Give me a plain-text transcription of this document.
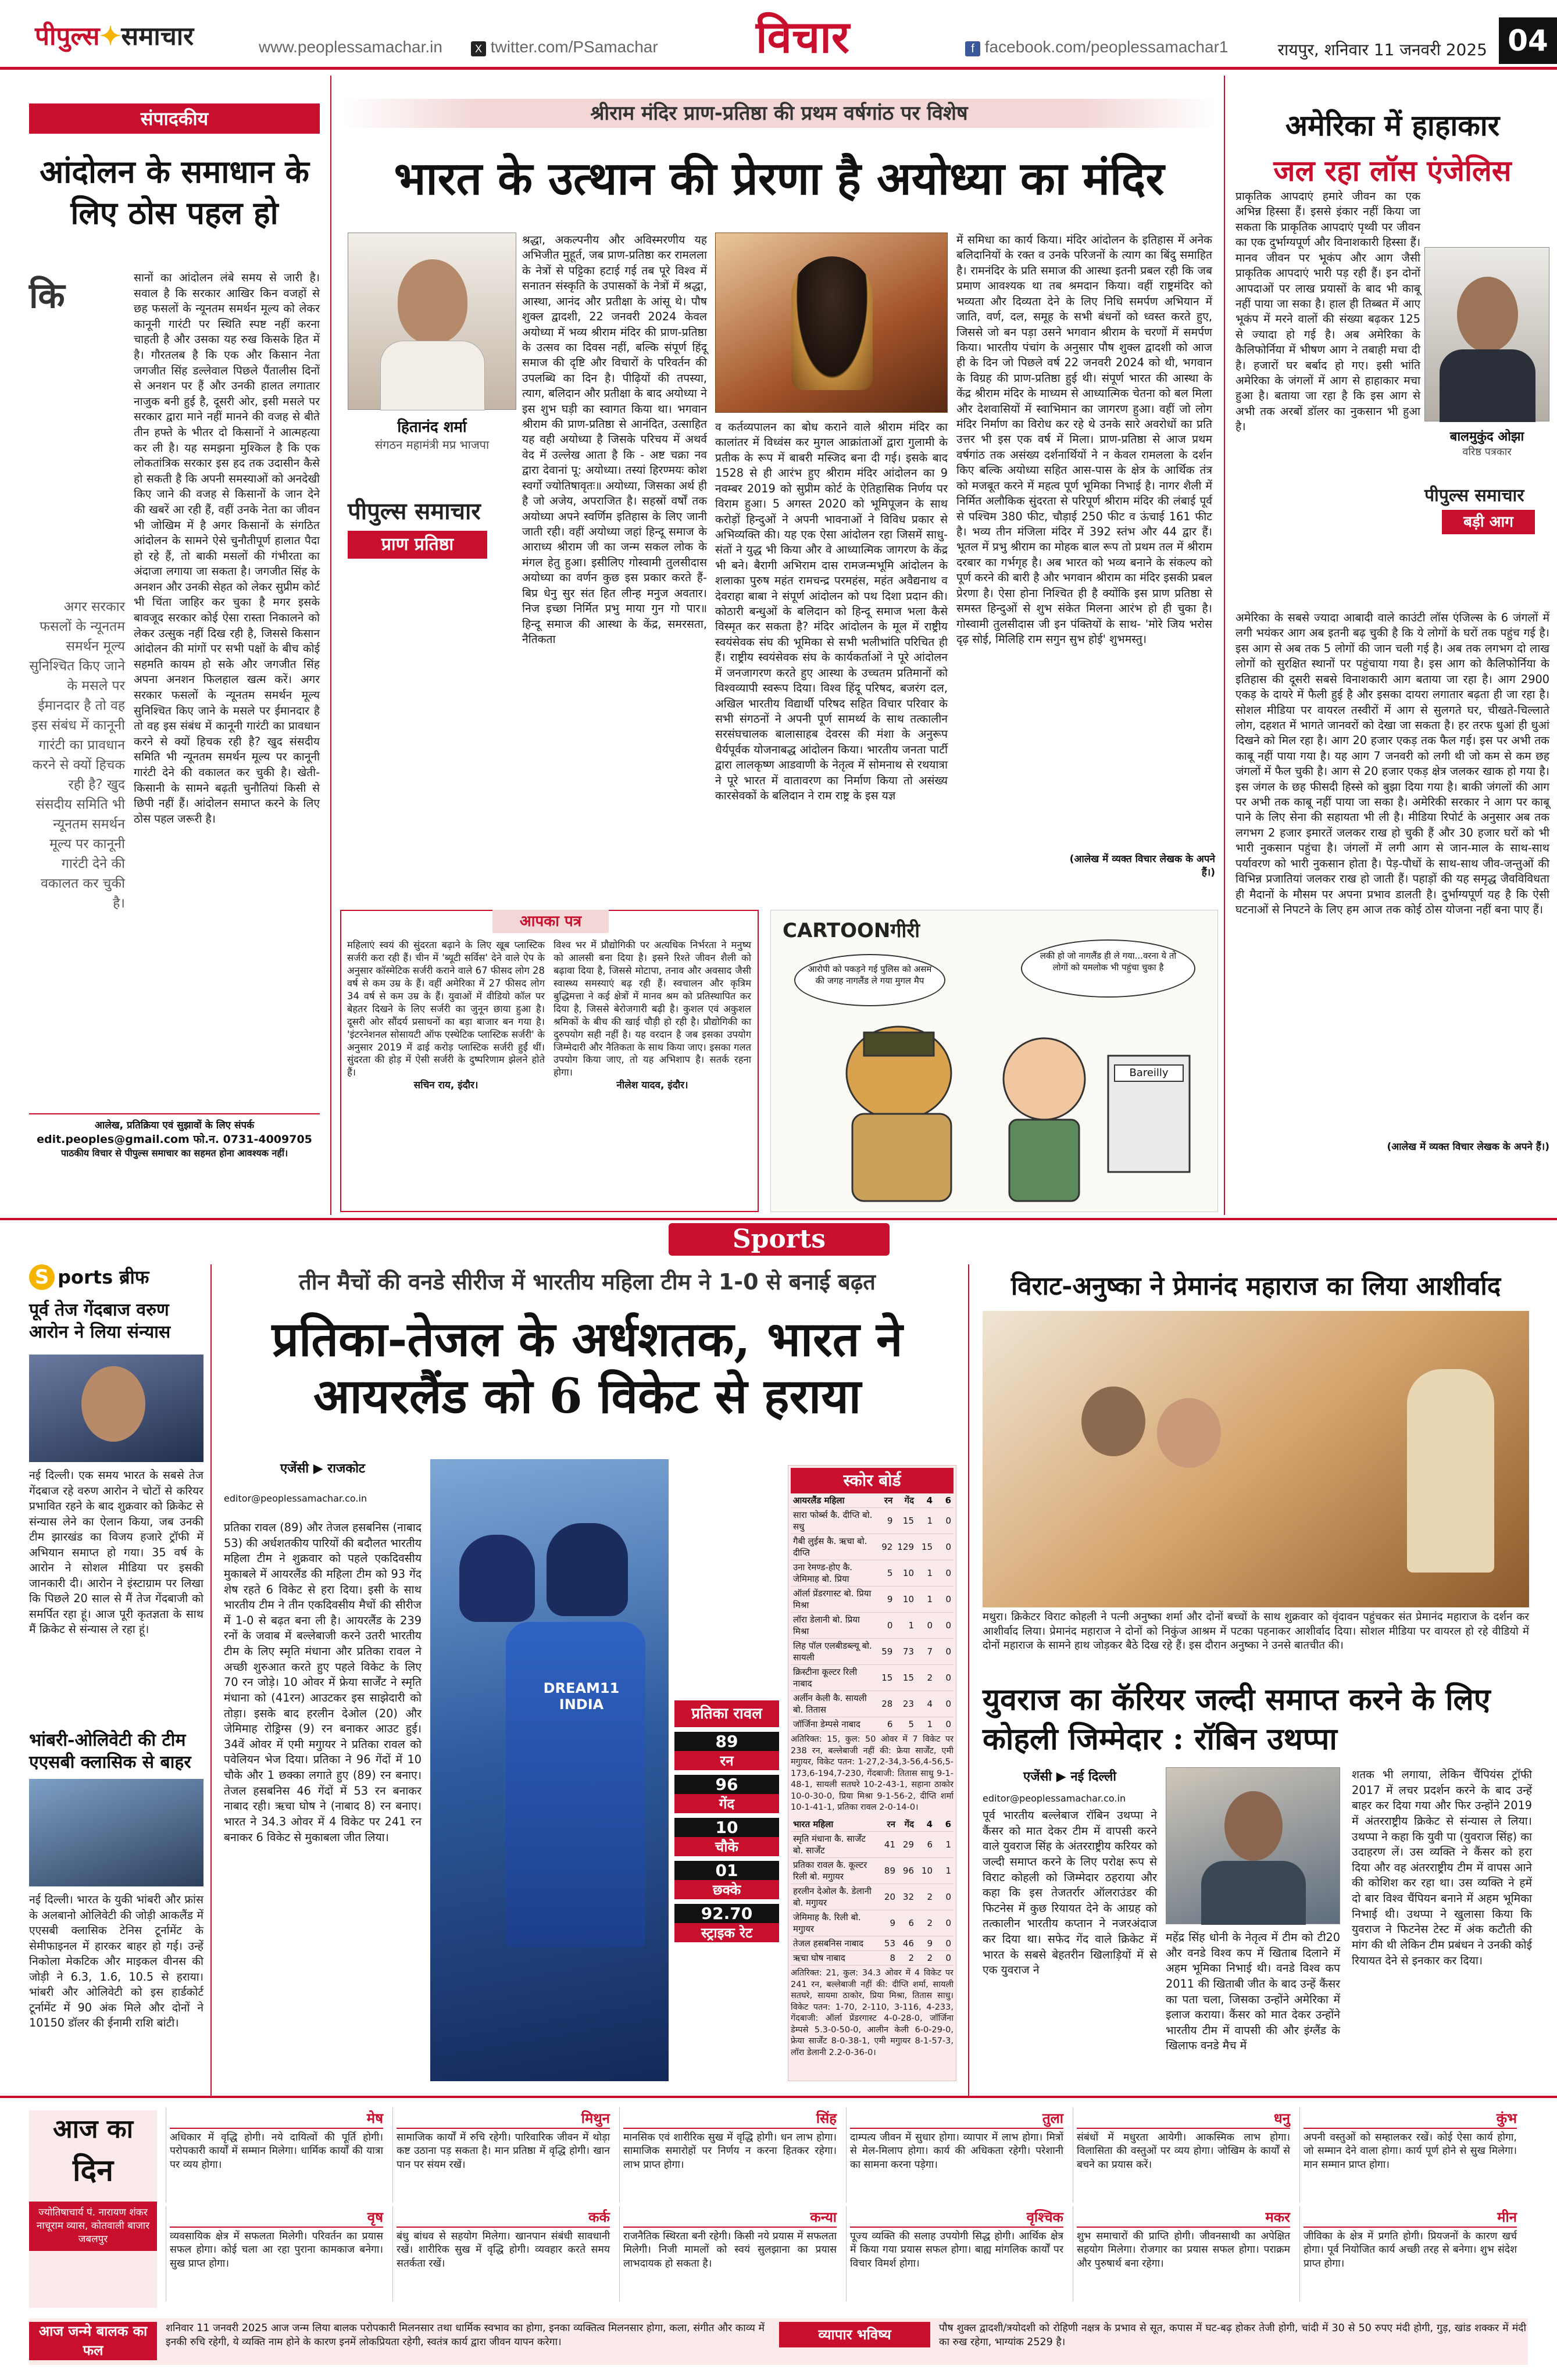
पीपुल्स✦समाचार	www.peoplessamachar.in	X twitter.com/PSamachar विचार	f facebook.com/peoplessamachar1	रायपुर, शनिवार 11 जनवरी 2025 04
संपादकीय
आंदोलन के समाधान के लिए ठोस पहल हो
कि
अगर सरकार फसलों के न्यूनतम समर्थन मूल्य सुनिश्चित किए जाने के मसले पर ईमानदार है तो वह इस संबंध में कानूनी गारंटी का प्रावधान करने से क्यों हिचक रही है? खुद संसदीय समिति भी न्यूनतम समर्थन मूल्य पर कानूनी गारंटी देने की वकालत कर चुकी है।
सानों का आंदोलन लंबे समय से जारी है। सवाल है कि सरकार आखिर किन वजहों से छह फसलों के न्यूनतम समर्थन मूल्य को लेकर कानूनी गारंटी पर स्थिति स्पष्ट नहीं करना चाहती है और उसका यह रुख किसके हित में है। गौरतलब है कि एक और किसान नेता जगजीत सिंह डल्लेवाल पिछले पैंतालीस दिनों से अनशन पर हैं और उनकी हालत लगातार नाजुक बनी हुई है, दूसरी ओर, इसी मसले पर सरकार द्वारा माने नहीं मानने की वजह से बीते तीन हफ्ते के भीतर दो किसानों ने आत्महत्या कर ली है। यह समझना मुश्किल है कि एक लोकतांत्रिक सरकार इस हद तक उदासीन कैसे हो सकती है कि अपनी समस्याओं को अनदेखी किए जाने की वजह से किसानों के जान देने की खबरें आ रही हैं, वहीं उनके नेता का जीवन भी जोखिम में है अगर किसानों के संगठित आंदोलन के सामने ऐसे चुनौतीपूर्ण हालात पैदा हो रहे हैं, तो बाकी मसलों की गंभीरता का अंदाजा लगाया जा सकता है। जगजीत सिंह के अनशन और उनकी सेहत को लेकर सुप्रीम कोर्ट भी चिंता जाहिर कर चुका है मगर इसके बावजूद सरकार कोई ऐसा रास्ता निकालने को लेकर उत्सुक नहीं दिख रही है, जिससे किसान आंदोलन की मांगों पर सभी पक्षों के बीच कोई सहमति कायम हो सके और जगजीत सिंह अपना अनशन फिलहाल खत्म करें। अगर सरकार फसलों के न्यूनतम समर्थन मूल्य सुनिश्चित किए जाने के मसले पर ईमानदार है तो वह इस संबंध में कानूनी गारंटी का प्रावधान करने से क्यों हिचक रही है? खुद संसदीय समिति भी न्यूनतम समर्थन मूल्य पर कानूनी गारंटी देने की वकालत कर चुकी है। खेती-किसानी के सामने बढ़ती चुनौतियां किसी से छिपी नहीं हैं। आंदोलन समाप्त करने के लिए ठोस पहल जरूरी है।
आलेख, प्रतिक्रिया एवं सुझावों के लिए संपर्क
edit.peoples@gmail.com फो.न. 0731-4009705
पाठकीय विचार से पीपुल्स समाचार का सहमत होना आवश्यक नहीं।
श्रीराम मंदिर प्राण-प्रतिष्ठा की प्रथम वर्षगांठ पर विशेष
भारत के उत्थान की प्रेरणा है अयोध्या का मंदिर
हितानंद शर्मा
संगठन महामंत्री मप्र भाजपा
पीपुल्स समाचार
प्राण प्रतिष्ठा
श्रद्धा, अकल्पनीय और अविस्मरणीय यह अभिजीत मुहूर्त, जब प्राण-प्रतिष्ठा कर रामलला के नेत्रों से पट्टिका हटाई गई तब पूरे विश्व में सनातन संस्कृति के उपासकों के नेत्रों में श्रद्धा, आस्था, आनंद और प्रतीक्षा के आंसू थे। पौष शुक्ल द्वादशी, 22 जनवरी 2024 केवल अयोध्या में भव्य श्रीराम मंदिर की प्राण-प्रतिष्ठा के उत्सव का दिवस नहीं, बल्कि संपूर्ण हिंदू समाज की दृष्टि और विचारों के परिवर्तन की उपलब्धि का दिन है। पीढ़ियों की तपस्या, त्याग, बलिदान और प्रतीक्षा के बाद अयोध्या ने इस शुभ घड़ी का स्वागत किया था। भगवान श्रीराम की प्राण-प्रतिष्ठा से आनंदित, उत्साहित यह वही अयोध्या है जिसके परिचय में अथर्व वेद में उल्लेख आता है कि - अष्ट चक्रा नव द्वारा देवानां पू: अयोध्या। तस्यां हिरण्मयः कोश स्वर्गो ज्योतिषावृतः॥ अयोध्या, जिसका अर्थ ही है जो अजेय, अपराजित है। सहस्रों वर्षों तक अयोध्या अपने स्वर्णिम इतिहास के लिए जानी जाती रही। वहीं अयोध्या जहां हिन्दू समाज के आराध्य श्रीराम जी का जन्म सकल लोक के मंगल हेतु हुआ। इसीलिए गोस्वामी तुलसीदास अयोध्या का वर्णन कुछ इस प्रकार करते हैं- बिप्र धेनु सुर संत हित लीन्ह मनुज अवतार। निज इच्छा निर्मित प्रभु माया गुन गो पार॥ हिन्दू समाज की आस्था के केंद्र, समरसता, नैतिकता
व कर्तव्यपालन का बोध कराने वाले श्रीराम मंदिर का कालांतर में विध्वंस कर मुगल आक्रांताओं द्वारा गुलामी के प्रतीक के रूप में बाबरी मस्जिद बना दी गई। इसके बाद 1528 से ही आरंभ हुए श्रीराम मंदिर आंदोलन का 9 नवम्बर 2019 को सुप्रीम कोर्ट के ऐतिहासिक निर्णय पर विराम हुआ। 5 अगस्त 2020 को भूमिपूजन के साथ करोड़ों हिन्दुओं ने अपनी भावनाओं ने विविध प्रकार से अभिव्यक्ति की। यह एक ऐसा आंदोलन रहा जिसमें साधु-संतों ने युद्ध भी किया और वे आध्यात्मिक जागरण के केंद्र भी बने। बैरागी अभिराम दास रामजन्मभूमि आंदोलन के शलाका पुरुष महंत रामचन्द्र परमहंस, महंत अवैद्यनाथ व देवराहा बाबा ने संपूर्ण आंदोलन को पथ दिशा प्रदान की। कोठारी बन्धुओं के बलिदान को हिन्दू समाज भला कैसे विस्मृत कर सकता है? मंदिर आंदोलन के मूल में राष्ट्रीय स्वयंसेवक संघ की भूमिका से सभी भलीभांति परिचित ही हैं। राष्ट्रीय स्वयंसेवक संघ के कार्यकर्ताओं ने पूरे आंदोलन में जनजागरण करते हुए आस्था के उच्चतम प्रतिमानों को विश्वव्यापी स्वरूप दिया। विश्व हिंदू परिषद, बजरंग दल, अखिल भारतीय विद्यार्थी परिषद सहित विचार परिवार के सभी संगठनों ने अपनी पूर्ण सामर्थ्य के साथ तत्कालीन सरसंघचालक बालासाहब देवरस की मंशा के अनुरूप धैर्यपूर्वक योजनाबद्ध आंदोलन किया। भारतीय जनता पार्टी द्वारा लालकृष्ण आडवाणी के नेतृत्व में सोमनाथ से रथयात्रा ने पूरे भारत में वातावरण का निर्माण किया तो असंख्य कारसेवकों के बलिदान ने राम राष्ट्र के इस यज्ञ
में समिधा का कार्य किया। मंदिर आंदोलन के इतिहास में अनेक बलिदानियों के रक्त व उनके परिजनों के त्याग का बिंदु समाहित है। रामनंदिर के प्रति समाज की आस्था इतनी प्रबल रही कि जब प्रमाण आवश्यक था तब श्रमदान किया। वहीं राष्ट्रमंदिर को भव्यता और दिव्यता देने के लिए निधि समर्पण अभियान में जाति, वर्ण, दल, समूह के सभी बंधनों को ध्वस्त करते हुए, जिससे जो बन पड़ा उसने भगवान श्रीराम के चरणों में समर्पण किया। भारतीय पंचांग के अनुसार पौष शुक्ल द्वादशी को आज ही के दिन जो पिछले वर्ष 22 जनवरी 2024 को थी, भगवान के विग्रह की प्राण-प्रतिष्ठा हुई थी। संपूर्ण भारत की आस्था के केंद्र श्रीराम मंदिर के माध्यम से आध्यात्मिक चेतना को बल मिला और देशवासियों में स्वाभिमान का जागरण हुआ। वहीं जो लोग मंदिर निर्माण का विरोध कर रहे थे उनके सारे अवरोधों का प्रति उत्तर भी इस एक वर्ष में मिला। प्राण-प्रतिष्ठा से आज प्रथम वर्षगांठ तक असंख्य दर्शनार्थियों ने न केवल रामलला के दर्शन किए बल्कि अयोध्या सहित आस-पास के क्षेत्र के आर्थिक तंत्र को मजबूत करने में महत्व पूर्ण भूमिका निभाई है। नागर शैली में निर्मित अलौकिक सुंदरता से परिपूर्ण श्रीराम मंदिर की लंबाई पूर्व से पश्चिम 380 फीट, चौड़ाई 250 फीट व ऊंचाई 161 फीट है। भव्य तीन मंजिला मंदिर में 392 स्तंभ और 44 द्वार हैं। भूतल में प्रभु श्रीराम का मोहक बाल रूप तो प्रथम तल में श्रीराम दरबार का गर्भगृह है। अब भारत को भव्य बनाने के संकल्प को पूर्ण करने की बारी है और भगवान श्रीराम का मंदिर इसकी प्रबल प्रेरणा है। ऐसा होना निश्चित ही है क्योंकि इस प्राण प्रतिष्ठा से समस्त हिन्दुओं से शुभ संकेत मिलना आरंभ हो ही चुका है। गोस्वामी तुलसीदास जी इन पंक्तियों के साथ- 'मोरे जिय भरोस दृढ़ सोई, मिलिहि राम सगुन सुभ होई' शुभमस्तु।
(आलेख में व्यक्त विचार लेखक के अपने हैं।)
आपका पत्र
महिलाएं स्वयं की सुंदरता बढ़ाने के लिए खूब प्लास्टिक सर्जरी करा रही हैं। चीन में 'ब्यूटी सर्विस' देने वाले ऐप के अनुसार कॉस्मेटिक सर्जरी कराने वाले 67 फीसद लोग 28 वर्ष से कम उम्र के हैं। वहीं अमेरिका में 27 फीसद लोग 34 वर्ष से कम उम्र के हैं। युवाओं में वीडियो कॉल पर बेहतर दिखने के लिए सर्जरी का जुनून छाया हुआ है। दूसरी ओर सौंदर्य प्रसाधनों का बड़ा बाजार बन गया है। 'इंटरनेशनल सोसायटी ऑफ एस्थेटिक प्लास्टिक सर्जरी' के अनुसार 2019 में ढाई करोड़ प्लास्टिक सर्जरी हुईं थीं। सुंदरता की होड़ में ऐसी सर्जरी के दुष्परिणाम झेलने होते हैं।
सचिन राय, इंदौर।
विश्व भर में प्रौद्योगिकी पर अत्यधिक निर्भरता ने मनुष्य को आलसी बना दिया है। इसने रिश्ते जीवन शैली को बढ़ावा दिया है, जिससे मोटापा, तनाव और अवसाद जैसी स्वास्थ्य समस्याएं बढ़ रही हैं। स्वचालन और कृत्रिम बुद्धिमत्ता ने कई क्षेत्रों में मानव श्रम को प्रतिस्थापित कर दिया है, जिससे बेरोजगारी बढ़ी है। कुशल एवं अकुशल श्रमिकों के बीच की खाई चौड़ी हो रही है। प्रौद्योगिकी का दुरुपयोग सही नहीं है। यह वरदान है जब इसका उपयोग जिम्मेदारी और नैतिकता के साथ किया जाए। इसका गलत उपयोग किया जाए, तो यह अभिशाप है। सतर्क रहना होगा।
नीलेश यादव, इंदौर।
CARTOONगीरी
आरोपी को पकड़ने गई पुलिस को असम की जगह नागलैंड ले गया मुगल मैप
लकी हो जो नागलैंड ही ले गया...वरना ये तो लोगों को यमलोक भी पहुंचा चुका है
Bareilly
अमेरिका में हाहाकार
जल रहा लॉस एंजेलिस
प्राकृतिक आपदाएं हमारे जीवन का एक अभिन्न हिस्सा हैं। इससे इंकार नहीं किया जा सकता कि प्राकृतिक आपदाएं पृथ्वी पर जीवन का एक दुर्भाग्यपूर्ण और विनाशकारी हिस्सा हैं। मानव जीवन पर भूकंप और आग जैसी प्राकृतिक आपदाएं भारी पड़ रही हैं। इन दोनों आपदाओं पर लाख प्रयासों के बाद भी काबू नहीं पाया जा सका है। हाल ही तिब्बत में आए भूकंप में मरने वालों की संख्या बढ़कर 125 से ज्यादा हो गई है। अब अमेरिका के कैलिफोर्निया में भीषण आग ने तबाही मचा दी है। हजारों घर बर्बाद हो गए। इसी भांति अमेरिका के जंगलों में आग से हाहाकार मचा हुआ है। बताया जा रहा है कि इस आग से अभी तक अरबों डॉलर का नुकसान भी हुआ है।
बालमुकुंद ओझा
वरिष्ठ पत्रकार
पीपुल्स समाचार
बड़ी आग
अमेरिका के सबसे ज्यादा आबादी वाले काउंटी लॉस एंजिल्स के 6 जंगलों में लगी भयंकर आग अब इतनी बढ़ चुकी है कि ये लोगों के घरों तक पहुंच गई है। इस आग से अब तक 5 लोगों की जान चली गई है। अब तक लगभग दो लाख लोगों को सुरक्षित स्थानों पर पहुंचाया गया है। इस आग को कैलिफोर्निया के इतिहास की दूसरी सबसे विनाशकारी आग बताया जा रहा है। आग 2900 एकड़ के दायरे में फैली हुई है और इसका दायरा लगातार बढ़ता ही जा रहा है। सोशल मीडिया पर वायरल तस्वीरों में आग से सुलगते घर, चीखते-चिल्लाते लोग, दहशत में भागते जानवरों को देखा जा सकता है। हर तरफ धुआं ही धुआं दिखने को मिल रहा है। आग 20 हजार एकड़ तक फैल गई। इस पर अभी तक काबू नहीं पाया गया है। यह आग 7 जनवरी को लगी थी जो कम से कम छह जंगलों में फैल चुकी है। आग से 20 हजार एकड़ क्षेत्र जलकर खाक हो गया है। इस जंगल के छह फीसदी हिस्से को बुझा दिया गया है। बाकी जंगलों की आग पर अभी तक काबू नहीं पाया जा सका है। अमेरिकी सरकार ने आग पर काबू पाने के लिए सेना की सहायता भी ली है। मीडिया रिपोर्ट के अनुसार अब तक लगभग 2 हजार इमारतें जलकर राख हो चुकी हैं और 30 हजार घरों को भी भारी नुकसान पहुंचा है। जंगलों में लगी आग से जान-माल के साथ-साथ पर्यावरण को भारी नुकसान होता है। पेड़-पौधों के साथ-साथ जीव-जन्तुओं की विभिन्न प्रजातियां जलकर राख हो जाती हैं। पहाड़ों की यह समृद्ध जैवविविधता ही मैदानों के मौसम पर अपना प्रभाव डालती है। दुर्भाग्यपूर्ण यह है कि ऐसी घटनाओं से निपटने के लिए हम आज तक कोई ठोस योजना नहीं बना पाए हैं।
(आलेख में व्यक्त विचार लेखक के अपने हैं।)
Sports
S ports ब्रीफ
पूर्व तेज गेंदबाज वरुण आरोन ने लिया संन्यास
नई दिल्ली। एक समय भारत के सबसे तेज गेंदबाज रहे वरुण आरोन ने चोटों से करियर प्रभावित रहने के बाद शुक्रवार को क्रिकेट से संन्यास लेने का ऐलान किया, जब उनकी टीम झारखंड का विजय हजारे ट्रॉफी में अभियान समाप्त हो गया। 35 वर्ष के आरोन ने सोशल मीडिया पर इसकी जानकारी दी। आरोन ने इंस्टाग्राम पर लिखा कि पिछले 20 साल से मैं तेज गेंदबाजी को समर्पित रहा हूं। आज पूरी कृतज्ञता के साथ मैं क्रिकेट से संन्यास ले रहा हूं।
भांबरी-ओलिवेटी की टीम एएसबी क्लासिक से बाहर
नई दिल्ली। भारत के युकी भांबरी और फ्रांस के अलबानो ओलिवेटी की जोड़ी आकलैंड में एएसबी क्लासिक टेनिस टूर्नामेंट के सेमीफाइनल में हारकर बाहर हो गई। उन्हें निकोला मेकटिक और माइकल वीनस की जोड़ी ने 6.3, 1.6, 10.5 से हराया। भांबरी और ओलिवेटी को इस हार्डकोर्ट टूर्नामेंट में 90 अंक मिले और दोनों ने 10150 डॉलर की ईनामी राशि बांटी।
तीन मैचों की वनडे सीरीज में भारतीय महिला टीम ने 1-0 से बनाई बढ़त
प्रतिका-तेजल के अर्धशतक, भारत ने आयरलैंड को 6 विकेट से हराया
एजेंसी ▶ राजकोट
editor@peoplessamachar.co.in
प्रतिका रावल (89) और तेजल हसबनिस (नाबाद 53) की अर्धशतकीय पारियों की बदौलत भारतीय महिला टीम ने शुक्रवार को पहले एकदिवसीय मुकाबले में आयरलैंड की महिला टीम को 93 गेंद शेष रहते 6 विकेट से हरा दिया। इसी के साथ भारतीय टीम ने तीन एकदिवसीय मैचों की सीरीज में 1-0 से बढ़त बना ली है। आयरलैंड के 239 रनों के जवाब में बल्लेबाजी करने उतरी भारतीय टीम के लिए स्मृति मंधाना और प्रतिका रावल ने अच्छी शुरुआत करते हुए पहले विकेट के लिए 70 रन जोड़े। 10 ओवर में फ्रेया सार्जेंट ने स्मृति मंधाना को (41रन) आउटकर इस साझेदारी को तोड़ा। इसके बाद हरलीन देओल (20) और जेमिमाह रोड्रिग्स (9) रन बनाकर आउट हुई। 34वें ओवर में एमी मगुायर ने प्रतिका रावल को पवेलियन भेज दिया। प्रतिका ने 96 गेंदों में 10 चौके और 1 छक्का लगाते हुए (89) रन बनाए। तेजल हसबनिस 46 गेंदों में 53 रन बनाकर नाबाद रही। ऋचा घोष ने (नाबाद 8) रन बनाए। भारत ने 34.3 ओवर में 4 विकेट पर 241 रन बनाकर 6 विकेट से मुकाबला जीत लिया।
DREAM11 INDIA
प्रतिका रावल
89
रन
96
गेंद
10
चौके
01
छक्के
92.70
स्ट्राइक रेट
स्कोर बोर्ड
आयरलैंड महिला	रन	गेंद	4	6
सारा फोर्ब्स कै. दीप्ति बो. सधु	9	15	1	0
गैबी लुईस कै. ऋचा बो. दीप्ति	92	129	15	0
उना रेमण्ड-होए कै. जेमिमाह बो. प्रिया	5	10	1	0
ऑर्ला प्रेंडरगास्ट बो. प्रिया मिश्रा	9	10	1	0
लॉरा डेलानी बो. प्रिया मिश्रा	0	1	0	0
लिह पॉल एलबीडब्ल्यू बो. सायली	59	73	7	0
क्रिस्टीना कूल्टर रिली नाबाद	15	15	2	0
अर्लीन केली कै. सायली बो. तितास	28	23	4	0
जॉर्जिना डेम्पसे नाबाद	6	5	1	0
अतिरिक्त: 15, कुल: 50 ओवर में 7 विकेट पर 238 रन, बल्लेबाजी नहीं की: फ्रेया सार्जेंट, एमी मगुायर, विकेट पतन: 1-27,2-34,3-56,4-56,5-173,6-194,7-230, गेंदबाजी: तितास साधु 9-1-48-1, सायली सतघरे 10-2-43-1, सहाना ठाकोर 10-0-30-0, प्रिया मिश्रा 9-1-56-2, दीप्ति शर्मा 10-1-41-1, प्रतिका रावल 2-0-14-0।
भारत महिला	रन	गेंद	4	6
स्मृति मंधाना कै. सार्जेंट बो. सार्जेंट	41	29	6	1
प्रतिका रावल कै. कूल्टर रिली बो. मगुायर	89	96	10	1
हरलीन देओल कै. डेलानी बो. मगुायर	20	32	2	0
जेमिमाह कै. रिली बो. मगुायर	9	6	2	0
तेजल हसबनिस नाबाद	53	46	9	0
ऋचा घोष नाबाद	8	2	2	0
अतिरिक्त: 21, कुल: 34.3 ओवर में 4 विकेट पर 241 रन, बल्लेबाजी नहीं की: दीप्ति शर्मा, सायली सतघरे, सायमा ठाकोर, प्रिया मिश्रा, तितास साधु। विकेट पतन: 1-70, 2-110, 3-116, 4-233, गेंदबाजी: ऑर्ला प्रेंडरगास्ट 4-0-28-0, जॉर्जिना डेम्पसे 5.3-0-50-0, आलीन केली 6-0-29-0, फ्रेया सार्जेंट 8-0-38-1, एमी मगुायर 8-1-57-3, लॉरा डेलानी 2.2-0-36-0।
विराट-अनुष्का ने प्रेमानंद महाराज का लिया आशीर्वाद
मथुरा। क्रिकेटर विराट कोहली ने पत्नी अनुष्का शर्मा और दोनों बच्चों के साथ शुक्रवार को वृंदावन पहुंचकर संत प्रेमानंद महाराज के दर्शन कर आशीर्वाद लिया। प्रेमानंद महाराज ने दोनों को निकुंज आश्रम में पटका पहनाकर आशीर्वाद दिया। सोशल मीडिया पर वायरल हो रहे वीडियो में दोनों महाराज के सामने हाथ जोड़कर बैठे दिख रहे हैं। इस दौरान अनुष्का ने उनसे बातचीत की।
युवराज का कॅरियर जल्दी समाप्त करने के लिए कोहली जिम्मेदार : रॉबिन उथप्पा
एजेंसी ▶ नई दिल्ली
editor@peoplessamachar.co.in
पूर्व भारतीय बल्लेबाज रॉबिन उथप्पा ने कैंसर को मात देकर टीम में वापसी करने वाले युवराज सिंह के अंतरराष्ट्रीय करियर को जल्दी समाप्त करने के लिए परोक्ष रूप से विराट कोहली को जिम्मेदार ठहराया और कहा कि इस तेजतर्रार ऑलराउंडर की फिटनेस में कुछ रियायत देने के आग्रह को तत्कालीन भारतीय कप्तान ने नजरअंदाज कर दिया था। सफेद गेंद वाले क्रिकेट में भारत के सबसे बेहतरीन खिलाड़ियों में से एक युवराज ने
महेंद्र सिंह धोनी के नेतृत्व में टीम को टी20 और वनडे विश्व कप में खिताब दिलाने में अहम भूमिका निभाई थी। वनडे विश्व कप 2011 की खिताबी जीत के बाद उन्हें कैंसर का पता चला, जिसका उन्होंने अमेरिका में इलाज कराया। कैंसर को मात देकर उन्होंने भारतीय टीम में वापसी की और इंग्लैंड के खिलाफ वनडे मैच में
शतक भी लगाया, लेकिन चैंपियंस ट्रॉफी 2017 में लचर प्रदर्शन करने के बाद उन्हें बाहर कर दिया गया और फिर उन्होंने 2019 में अंतरराष्ट्रीय क्रिकेट से संन्यास ले लिया। उथप्पा ने कहा कि युवी पा (युवराज सिंह) का उदाहरण लें। उस व्यक्ति ने कैंसर को हरा दिया और वह अंतरराष्ट्रीय टीम में वापस आने की कोशिश कर रहा था। उस व्यक्ति ने हमें दो बार विश्व चैंपियन बनाने में अहम भूमिका निभाई थी। उथप्पा ने खुलासा किया कि युवराज ने फिटनेस टेस्ट में अंक कटौती की मांग की थी लेकिन टीम प्रबंधन ने उनकी कोई रियायत देने से इनकार कर दिया।
आज का
दिन
ज्योतिषाचार्य पं. नारायण शंकर नाचूराम व्यास, कोतवाली बाजार जबलपुर
मेष
अधिकार में वृद्धि होगी। नये दायित्वों की पूर्ति होगी। परोपकारी कार्यों में सम्मान मिलेगा। धार्मिक कार्यों की यात्रा पर व्यय होगा।
वृष
व्यवसायिक क्षेत्र में सफलता मिलेगी। परिवर्तन का प्रयास सफल होगा। कोई चला आ रहा पुराना कामकाज बनेगा। सुख प्राप्त होगा।
मिथुन
सामाजिक कार्यों में रुचि रहेगी। पारिवारिक जीवन में थोड़ा कष्ट उठाना पड़ सकता है। मान प्रतिष्ठा में वृद्धि होगी। खान पान पर संयम रखें।
कर्क
बंधु बांधव से सहयोग मिलेगा। खानपान संबंधी सावधानी रखें। शारीरिक सुख में वृद्धि होगी। व्यवहार करते समय सतर्कता रखें।
सिंह
मानसिक एवं शारीरिक सुख में वृद्धि होगी। धन लाभ होगा। सामाजिक समारोहों पर निर्णय न करना हितकर रहेगा। लाभ प्राप्त होगा।
कन्या
राजनैतिक स्थिरता बनी रहेगी। किसी नये प्रयास में सफलता मिलेगी। निजी मामलों को स्वयं सुलझाना का प्रयास लाभदायक हो सकता है।
तुला
दाम्पत्य जीवन में सुधार होगा। व्यापार में लाभ होगा। मित्रों से मेल-मिलाप होगा। कार्य की अधिकता रहेगी। परेशानी का सामना करना पड़ेगा।
वृश्चिक
पूज्य व्यक्ति की सलाह उपयोगी सिद्ध होगी। आर्थिक क्षेत्र में किया गया प्रयास सफल होगा। बाह्य मांगलिक कार्यों पर विचार विमर्श होगा।
धनु
संबंधों में मधुरता आयेगी। आकस्मिक लाभ होगा। विलासिता की वस्तुओं पर व्यय होगा। जोखिम के कार्यों से बचने का प्रयास करें।
मकर
शुभ समाचारों की प्राप्ति होगी। जीवनसाथी का अपेक्षित सहयोग मिलेगा। रोजगार का प्रयास सफल होगा। पराक्रम और पुरुषार्थ बना रहेगा।
कुंभ
अपनी वस्तुओं को सम्हालकर रखें। कोई ऐसा कार्य होगा, जो सम्मान देने वाला होगा। कार्य पूर्ण होने से सुख मिलेगा। मान सम्मान प्राप्त होगा।
मीन
जीविका के क्षेत्र में प्रगति होगी। प्रियजनों के कारण खर्च होगा। पूर्व नियोजित कार्य अच्छी तरह से बनेगा। शुभ संदेश प्राप्त होगा।
आज जन्मे बालक का फल
शनिवार 11 जनवरी 2025 आज जन्म लिया बालक परोपकारी मिलनसार तथा धार्मिक स्वभाव का होगा, इनका व्यक्तित्व मिलनसार होगा, कला, संगीत और काव्य में इनकी रुचि रहेगी, ये व्यक्ति नाम होने के कारण इनमें लोकप्रियता रहेगी, स्वतंत्र कार्य द्वारा जीवन यापन करेगा।	व्यापार भविष्य	पौष शुक्ल द्वादशी/त्रयोदशी को रोहिणी नक्षत्र के प्रभाव से सूत, कपास में घट-बढ़ होकर तेजी होगी, चांदी में 30 से 50 रुपए मंदी होगी, गुड़, खांड शक्कर में मंदी का रुख रहेगा, भाग्यांक 2529 है।
